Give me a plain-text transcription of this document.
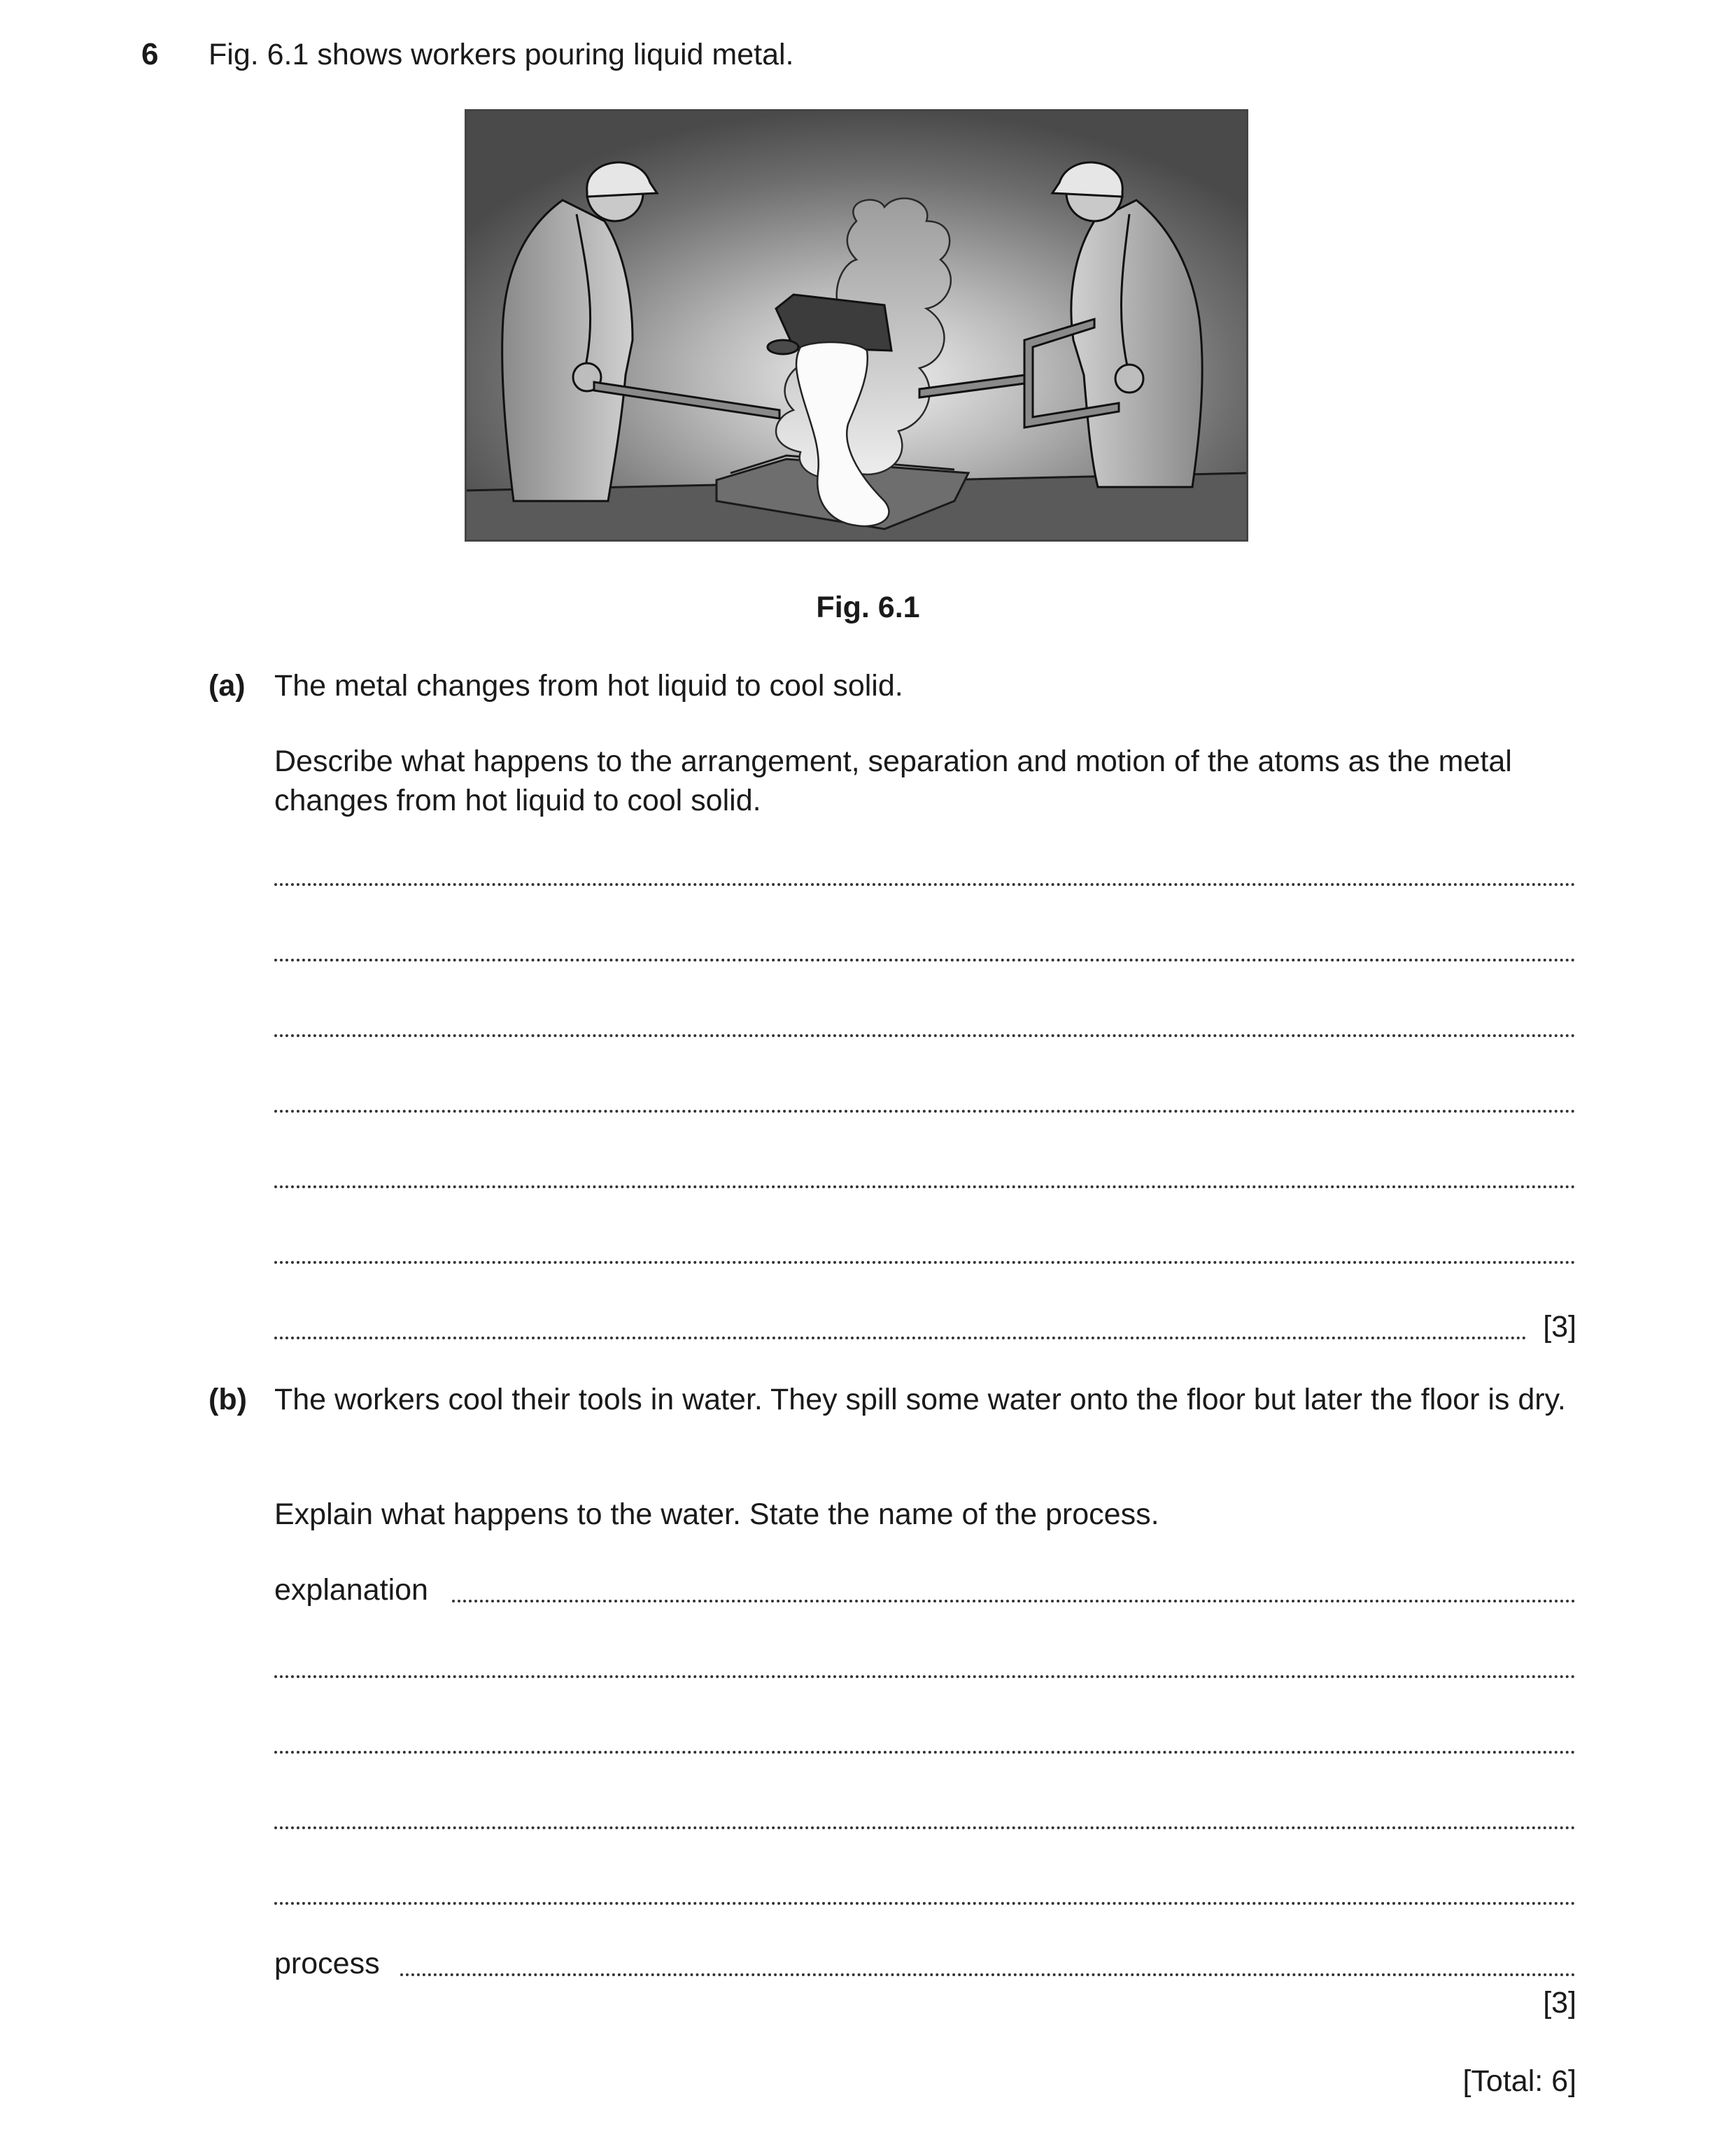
6 Fig. 6.1 shows workers pouring liquid metal.
Fig. 6.1
(a) The metal changes from hot liquid to cool solid.
Describe what happens to the arrangement, separation and motion of the atoms as the metal changes from hot liquid to cool solid.
[3]
(b) The workers cool their tools in water. They spill some water onto the floor but later the floor is dry.
Explain what happens to the water. State the name of the process.
explanation
process
[3]
[Total: 6]
